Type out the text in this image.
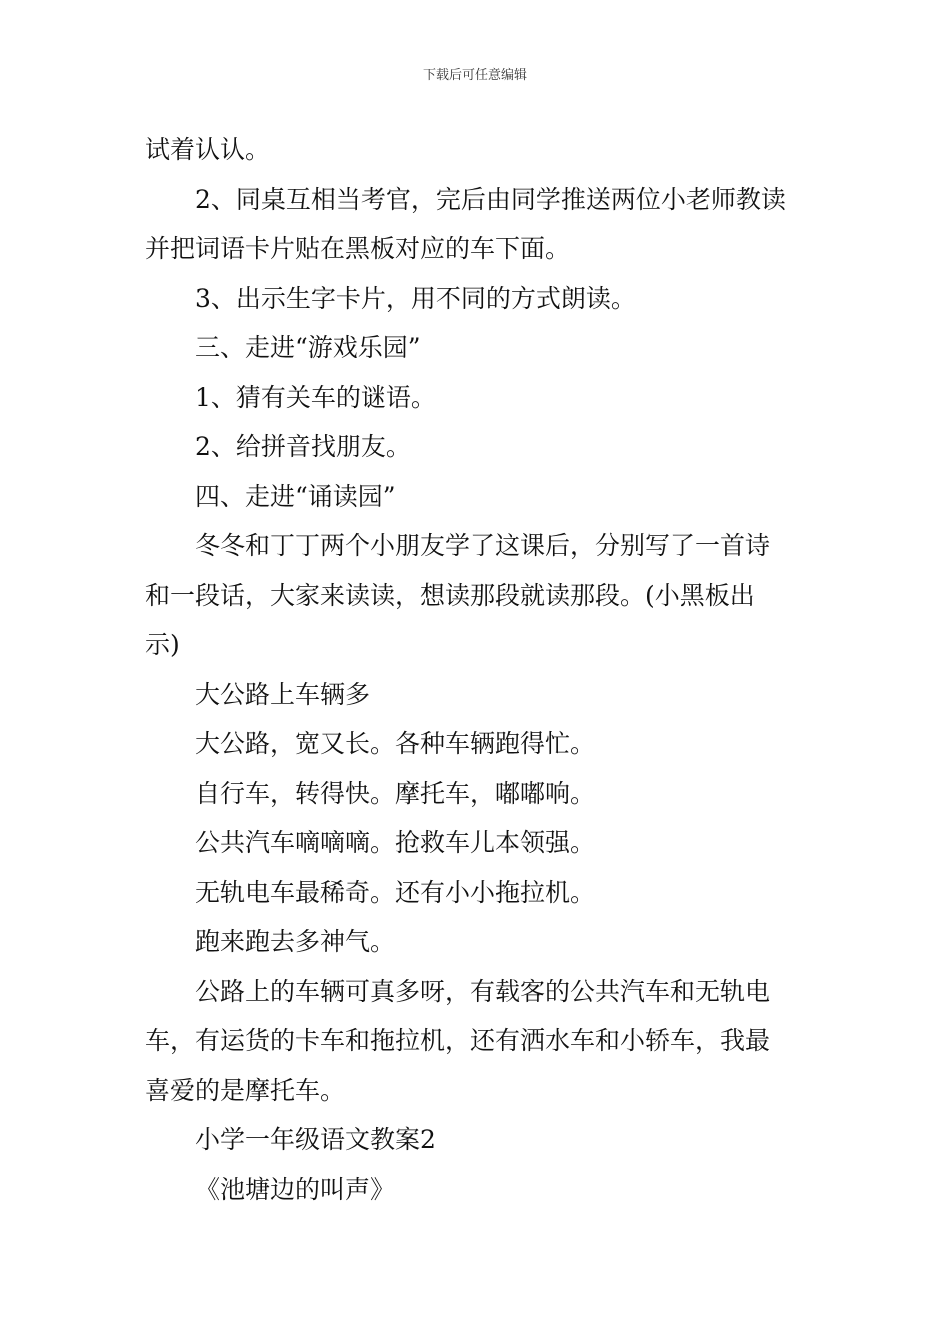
下载后可任意编辑

试着认认。

2、同桌互相当考官，完后由同学推送两位小老师教读

并把词语卡片贴在黑板对应的车下面。

3、出示生字卡片，用不同的方式朗读。

三、走进“游戏乐园”

1、猜有关车的谜语。

2、给拼音找朋友。

四、走进“诵读园”

冬冬和丁丁两个小朋友学了这课后，分别写了一首诗

和一段话，大家来读读，想读那段就读那段。(小黑板出

示)

大公路上车辆多

大公路，宽又长。各种车辆跑得忙。

自行车，转得快。摩托车，嘟嘟响。

公共汽车嘀嘀嘀。抢救车儿本领强。

无轨电车最稀奇。还有小小拖拉机。

跑来跑去多神气。

公路上的车辆可真多呀，有载客的公共汽车和无轨电

车，有运货的卡车和拖拉机，还有洒水车和小轿车，我最

喜爱的是摩托车。

小学一年级语文教案2

《池塘边的叫声》
